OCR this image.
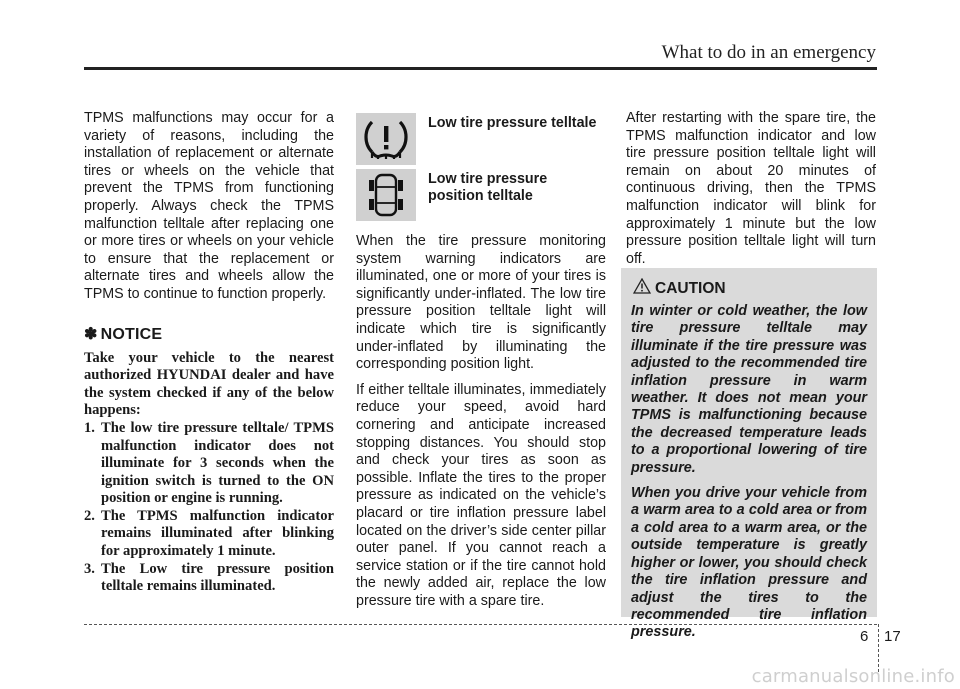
What to do in an emergency

TPMS malfunctions may occur for a variety of reasons, including the installation of replacement or alternate tires or wheels on the vehicle that prevent the TPMS from functioning properly. Always check the TPMS malfunction telltale after replacing one or more tires or wheels on your vehicle to ensure that the replacement or alternate tires and wheels allow the TPMS to continue to function properly.

✽ NOTICE
Take your vehicle to the nearest authorized HYUNDAI dealer and have the system checked if any of the below happens:
1. The low tire pressure telltale/ TPMS malfunction indicator does not illuminate for 3 seconds when the ignition switch is turned to the ON position or engine is running.
2. The TPMS malfunction indicator remains illuminated after blinking for approximately 1 minute.
3. The Low tire pressure position telltale remains illuminated.
Low tire pressure telltale
Low tire pressure position telltale

When the tire pressure monitoring system warning indicators are illuminated, one or more of your tires is significantly under-inflated. The low tire pressure position telltale light will indicate which tire is significantly under-inflated by illuminating the corresponding position light.

If either telltale illuminates, immediately reduce your speed, avoid hard cornering and anticipate increased stopping distances. You should stop and check your tires as soon as possible. Inflate the tires to the proper pressure as indicated on the vehicle’s placard or tire inflation pressure label located on the driver’s side center pillar outer panel. If you cannot reach a service station or if the tire cannot hold the newly added air, replace the low pressure tire with a spare tire.

After restarting with the spare tire, the TPMS malfunction indicator and low tire pressure position telltale light will remain on about 20 minutes of continuous driving, then the TPMS malfunction indicator will blink for approximately 1 minute but the low pressure position telltale light will turn off.

CAUTION
In winter or cold weather, the low tire pressure telltale may illuminate if the tire pressure was adjusted to the recommended tire inflation pressure in warm weather. It does not mean your TPMS is malfunctioning because the decreased temperature leads to a proportional lowering of tire pressure.
When you drive your vehicle from a warm area to a cold area or from a cold area to a warm area, or the outside temperature is greatly higher or lower, you should check the tire inflation pressure and adjust the tires to the recommended tire inflation pressure.	6 17
carmanualsonline.info
